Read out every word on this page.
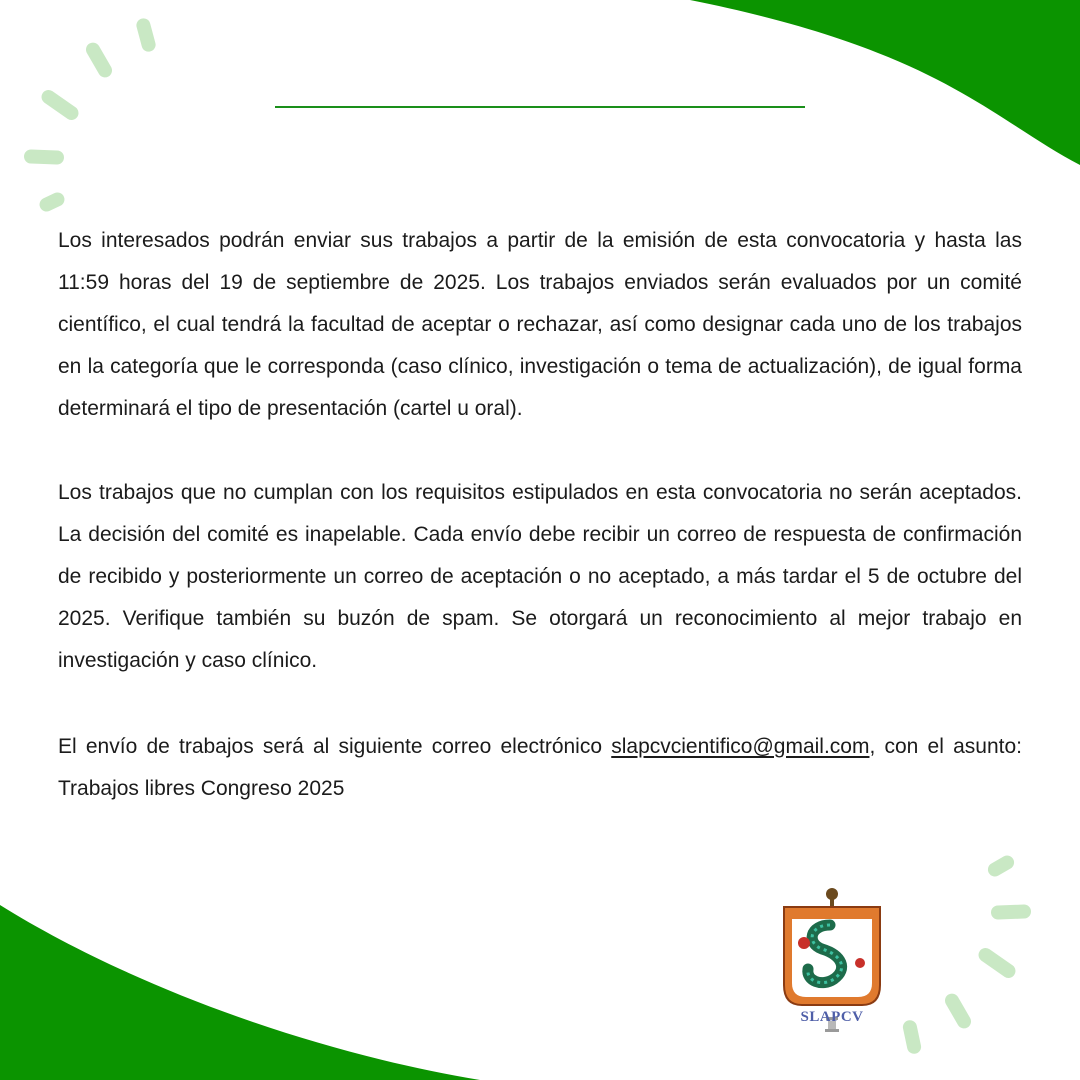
Los interesados podrán enviar sus trabajos a partir de la emisión de esta convocatoria y hasta las 11:59 horas del 19 de septiembre de 2025. Los trabajos enviados serán evaluados por un comité científico, el cual tendrá la facultad de aceptar o rechazar, así como designar cada uno de los trabajos en la categoría que le corresponda (caso clínico, investigación o tema de actualización), de igual forma determinará el tipo de presentación (cartel u oral).

Los trabajos que no cumplan con los requisitos estipulados en esta convocatoria no serán aceptados. La decisión del comité es inapelable. Cada envío debe recibir un correo de respuesta de confirmación de recibido y posteriormente un correo de aceptación o no aceptado, a más tardar el 5 de octubre del 2025. Verifique también su buzón de spam. Se otorgará un reconocimiento al mejor trabajo en investigación y caso clínico.

El envío de trabajos será al siguiente correo electrónico slapcvcientifico@gmail.com, con el asunto: Trabajos libres Congreso 2025

SLAPCV
